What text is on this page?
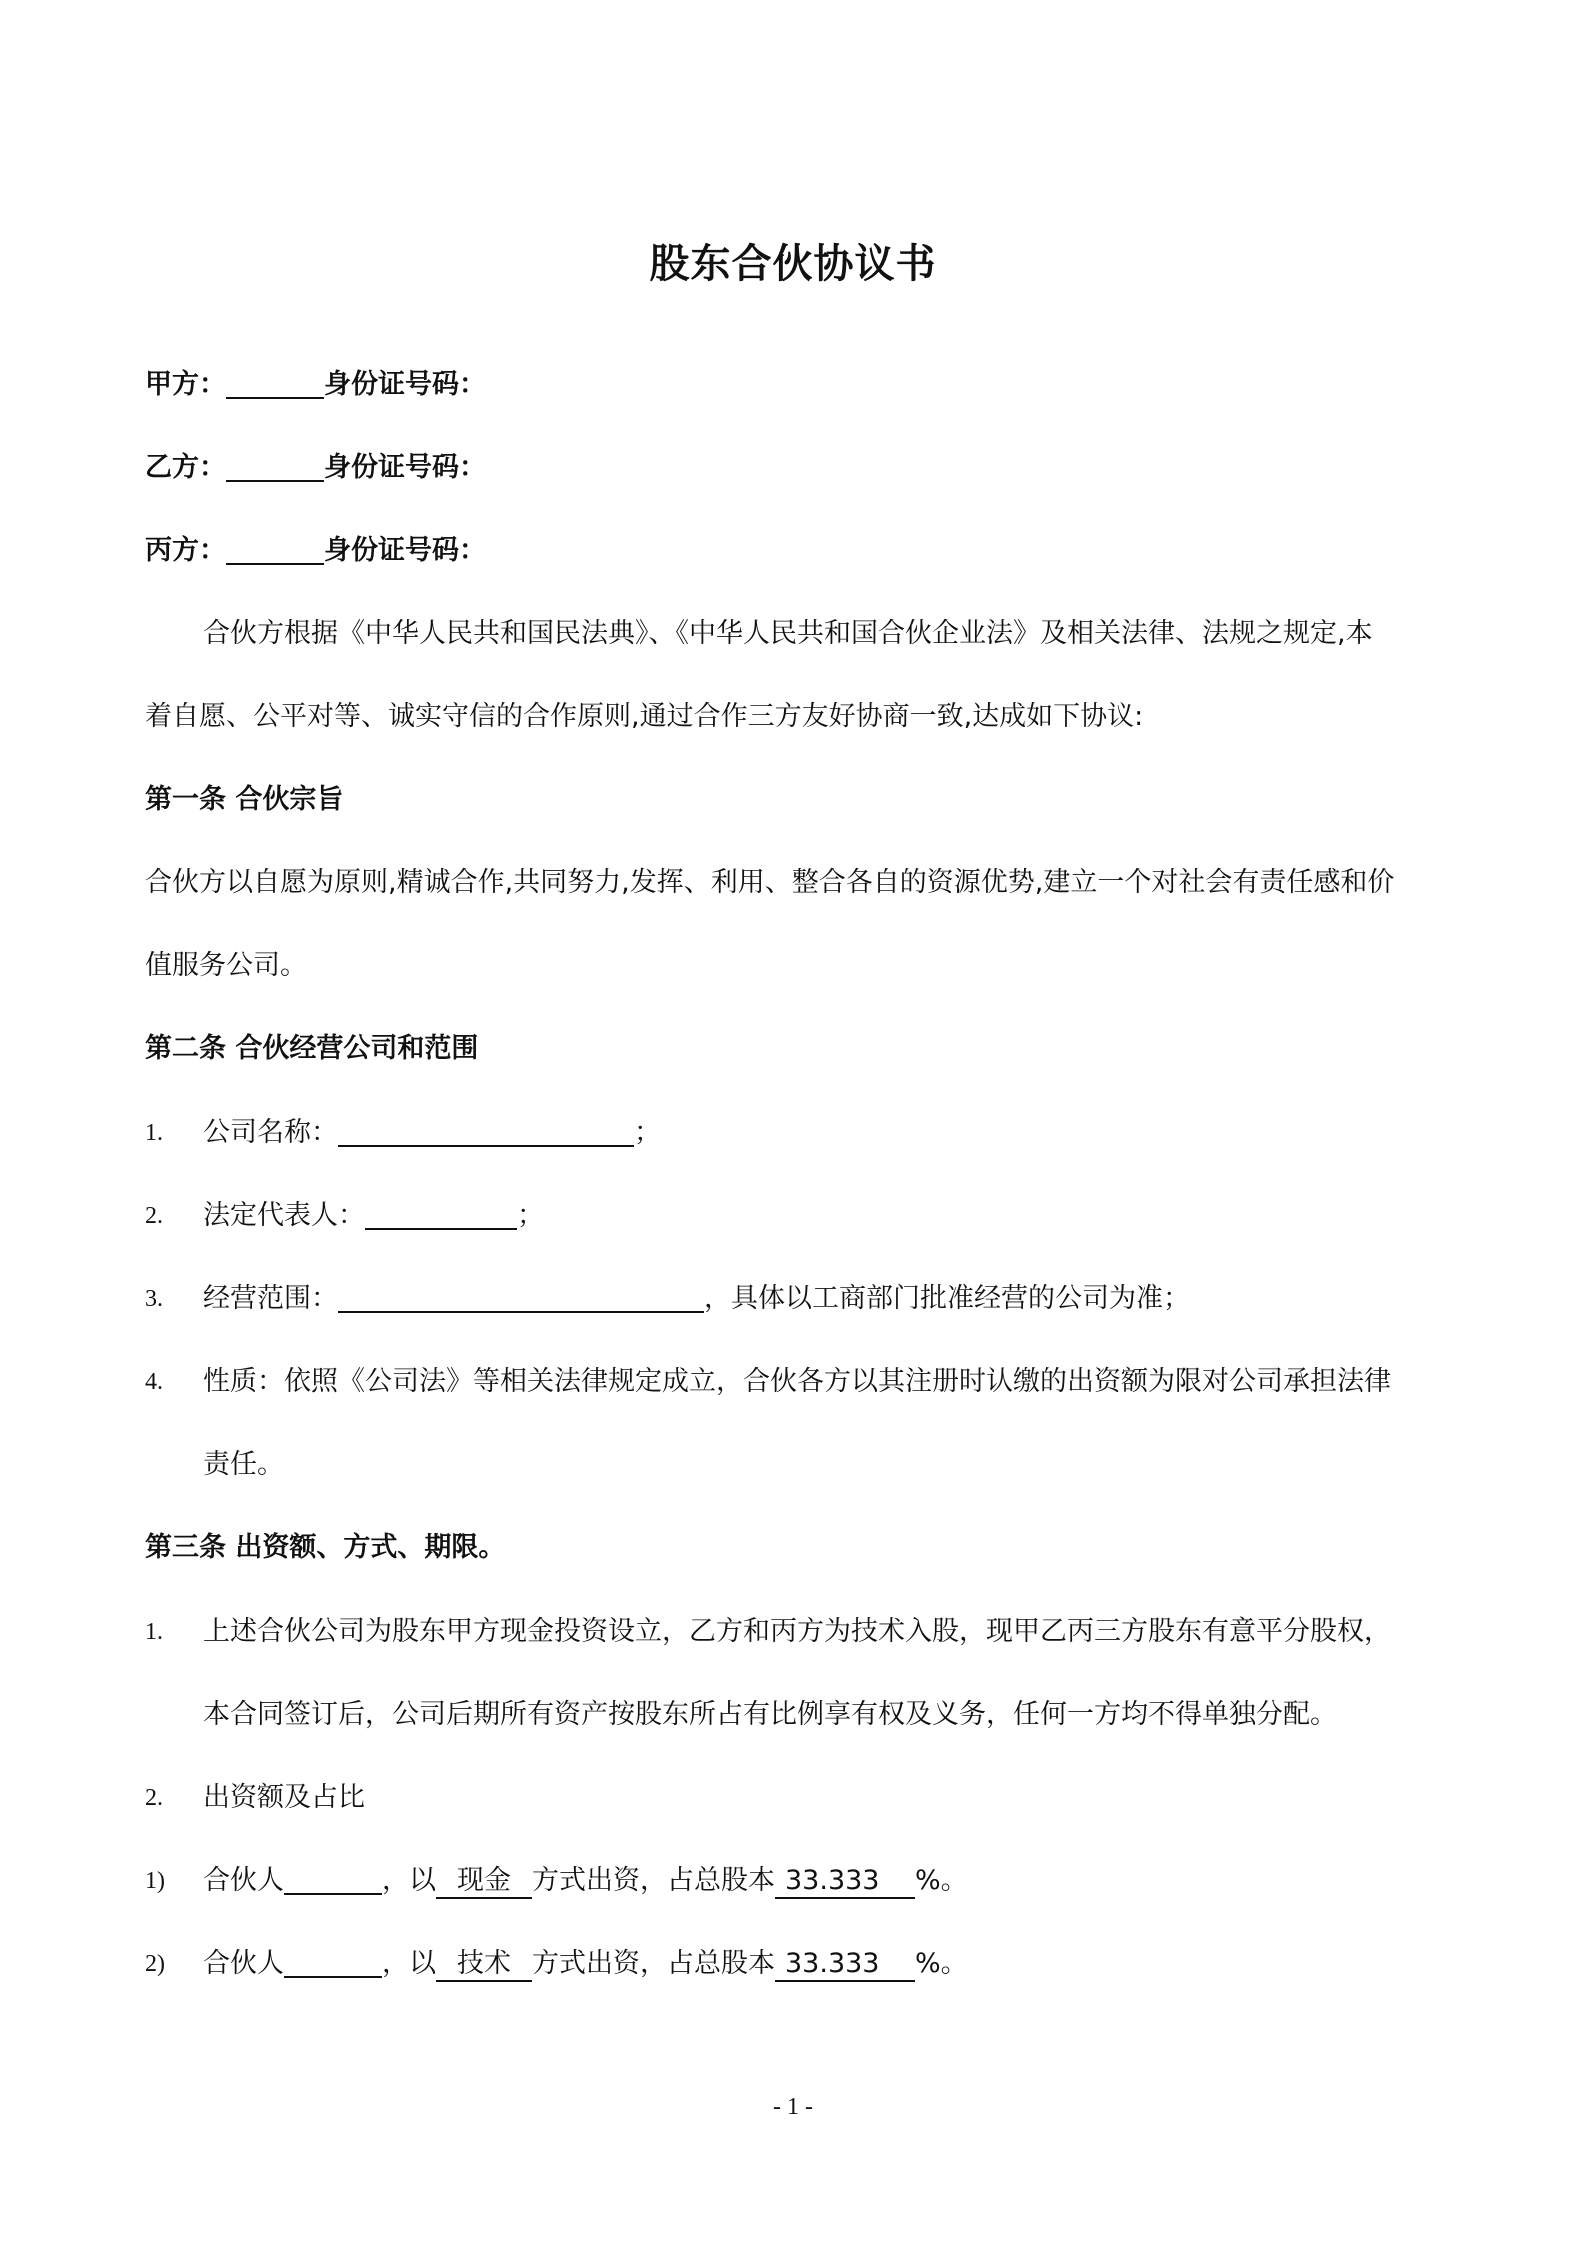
股东合伙协议书
甲方：	身份证号码：
乙方：	身份证号码：
丙方：	身份证号码：
合伙方根据《中华人民共和国民法典》、《中华人民共和国合伙企业法》及相关法律、法规之规定,本
着自愿、公平对等、诚实守信的合作原则,通过合作三方友好协商一致,达成如下协议:
第一条 合伙宗旨
合伙方以自愿为原则,精诚合作,共同努力,发挥、利用、整合各自的资源优势,建立一个对社会有责任感和价
值服务公司。
第二条 合伙经营公司和范围
1. 公司名称：	；
2. 法定代表人：	；
3. 经营范围：	，具体以工商部门批准经营的公司为准；
4. 性质：依照《公司法》等相关法律规定成立，合伙各方以其注册时认缴的出资额为限对公司承担法律
责任。
第三条 出资额、方式、期限。
1. 上述合伙公司为股东甲方现金投资设立，乙方和丙方为技术入股，现甲乙丙三方股东有意平分股权，
本合同签订后，公司后期所有资产按股东所占有比例享有权及义务，任何一方均不得单独分配。
2. 出资额及占比
1) 合伙人	，以 现金 方式出资，占总股本 33.333 %。
2) 合伙人	，以 技术 方式出资，占总股本 33.333 %。
- 1 -
